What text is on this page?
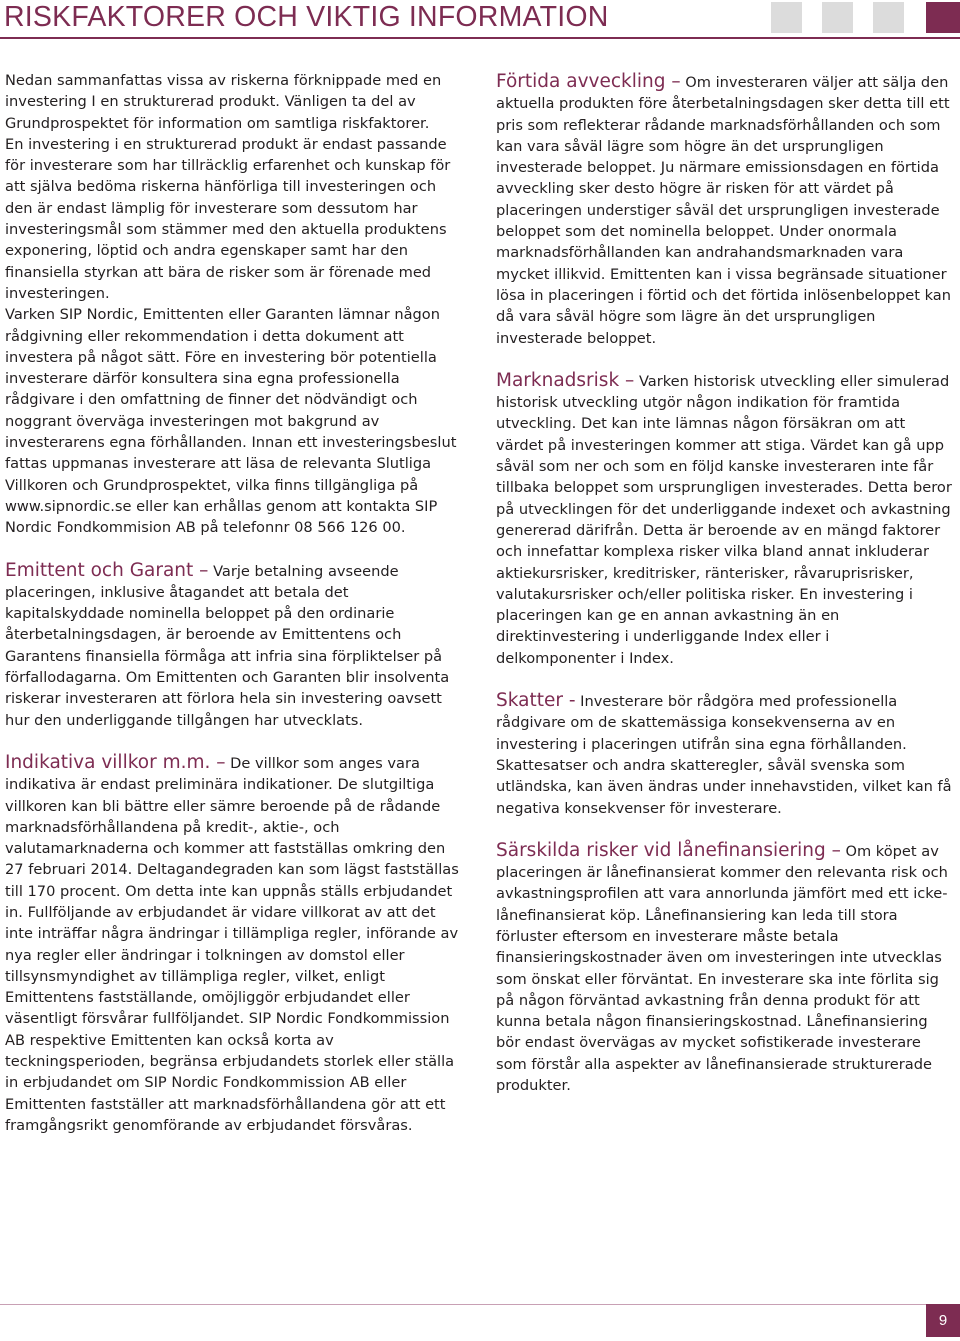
RISKFAKTORER OCH VIKTIG INFORMATION

Nedan sammanfattas vissa av riskerna förknippade med en investering I en strukturerad produkt. Vänligen ta del av Grundprospektet för information om samtliga riskfaktorer.

En investering i en strukturerad produkt är endast passande för investerare som har tillräcklig erfarenhet och kunskap för att själva bedöma riskerna hänförliga till investeringen och den är endast lämplig för investerare som dessutom har investeringsmål som stämmer med den aktuella produktens exponering, löptid och andra egenskaper samt har den finansiella styrkan att bära de risker som är förenade med investeringen.

Varken SIP Nordic, Emittenten eller Garanten lämnar någon rådgivning eller rekommendation i detta dokument att investera på något sätt. Före en investering bör potentiella investerare därför konsultera sina egna professionella rådgivare i den omfattning de finner det nödvändigt och noggrant överväga investeringen mot bakgrund av investerarens egna förhållanden. Innan ett investeringsbeslut fattas uppmanas investerare att läsa de relevanta Slutliga Villkoren och Grundprospektet, vilka finns tillgängliga på www.sipnordic.se eller kan erhållas genom att kontakta SIP Nordic Fondkommision AB på telefonnr 08 566 126 00.

Emittent och Garant – Varje betalning avseende placeringen, inklusive åtagandet att betala det kapitalskyddade nominella beloppet på den ordinarie återbetalningsdagen, är beroende av Emittentens och Garantens finansiella förmåga att infria sina förpliktelser på förfallodagarna. Om Emittenten och Garanten blir insolventa riskerar investeraren att förlora hela sin investering oavsett hur den underliggande tillgången har utvecklats.

Indikativa villkor m.m. – De villkor som anges vara indikativa är endast preliminära indikationer. De slutgiltiga villkoren kan bli bättre eller sämre beroende på de rådande marknadsförhållandena på kredit-, aktie-, och valutamarknaderna och kommer att fastställas omkring den 27 februari 2014. Deltagandegraden kan som lägst fastställas till 170 procent. Om detta inte kan uppnås ställs erbjudandet in. Fullföljande av erbjudandet är vidare villkorat av att det inte inträffar några ändringar i tillämpliga regler, införande av nya regler eller ändringar i tolkningen av domstol eller tillsynsmyndighet av tillämpliga regler, vilket, enligt Emittentens fastställande, omöjliggör erbjudandet eller väsentligt försvårar fullföljandet. SIP Nordic Fondkommission AB respektive Emittenten kan också korta av teckningsperioden, begränsa erbjudandets storlek eller ställa in erbjudandet om SIP Nordic Fondkommission AB eller Emittenten fastställer att marknadsförhållandena gör att ett framgångsrikt genomförande av erbjudandet försvåras.

Förtida avveckling – Om investeraren väljer att sälja den aktuella produkten före återbetalningsdagen sker detta till ett pris som reflekterar rådande marknadsförhållanden och som kan vara såväl lägre som högre än det ursprungligen investerade beloppet. Ju närmare emissionsdagen en förtida avveckling sker desto högre är risken för att värdet på placeringen understiger såväl det ursprungligen investerade beloppet som det nominella beloppet. Under onormala marknadsförhållanden kan andrahandsmarknaden vara mycket illikvid. Emittenten kan i vissa begränsade situationer lösa in placeringen i förtid och det förtida inlösenbeloppet kan då vara såväl högre som lägre än det ursprungligen investerade beloppet.

Marknadsrisk – Varken historisk utveckling eller simulerad historisk utveckling utgör någon indikation för framtida utveckling. Det kan inte lämnas någon försäkran om att värdet på investeringen kommer att stiga. Värdet kan gå upp såväl som ner och som en följd kanske investeraren inte får tillbaka beloppet som ursprungligen investerades. Detta beror på utvecklingen för det underliggande indexet och avkastning genererad därifrån. Detta är beroende av en mängd faktorer och innefattar komplexa risker vilka bland annat inkluderar aktiekursrisker, kreditrisker, ränterisker, råvaruprisrisker, valutakursrisker och/eller politiska risker. En investering i placeringen kan ge en annan avkastning än en direktinvestering i underliggande Index eller i delkomponenter i Index.

Skatter - Investerare bör rådgöra med professionella rådgivare om de skattemässiga konsekvenserna av en investering i placeringen utifrån sina egna förhållanden. Skattesatser och andra skatteregler, såväl svenska som utländska, kan även ändras under innehavstiden, vilket kan få negativa konsekvenser för investerare.

Särskilda risker vid lånefinansiering – Om köpet av placeringen är lånefinansierat kommer den relevanta risk och avkastningsprofilen att vara annorlunda jämfört med ett icke-lånefinansierat köp. Lånefinansiering kan leda till stora förluster eftersom en investerare måste betala finansieringskostnader även om investeringen inte utvecklas som önskat eller förväntat. En investerare ska inte förlita sig på någon förväntad avkastning från denna produkt för att kunna betala någon finansieringskostnad. Lånefinansiering bör endast övervägas av mycket sofistikerade investerare som förstår alla aspekter av lånefinansierade strukturerade produkter.

9
